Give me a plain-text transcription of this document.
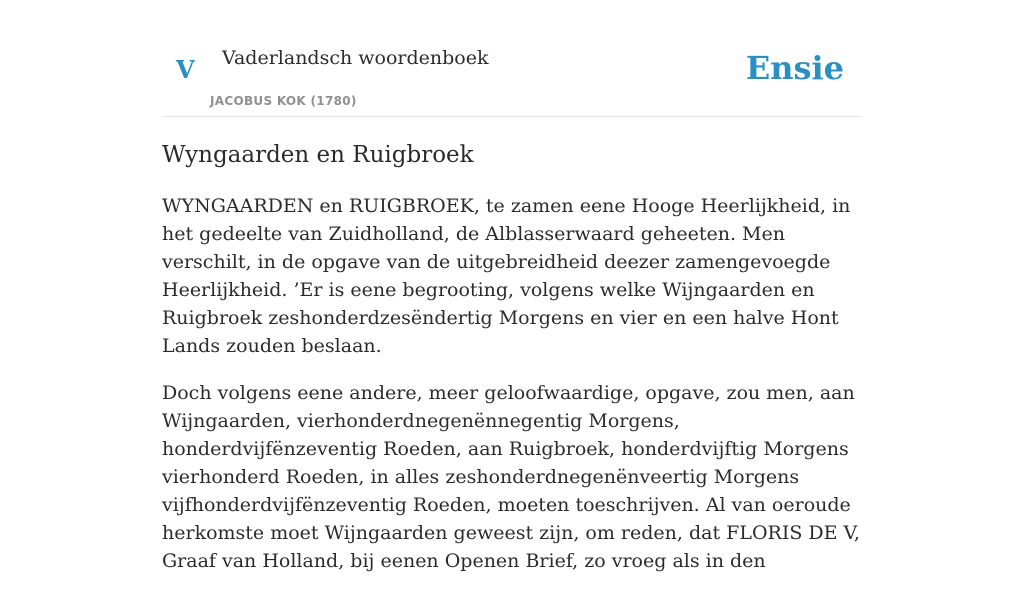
V Vaderlandsch woordenboek
JACOBUS KOK (1780)
Ensie
Wyngaarden en Ruigbroek

WYNGAARDEN en RUIGBROEK, te zamen eene Hooge Heerlijkheid, in het gedeelte van Zuidholland, de Alblasserwaard geheeten. Men verschilt, in de opgave van de uitgebreidheid deezer zamengevoegde Heerlijkheid. ’Er is eene begrooting, volgens welke Wijngaarden en Ruigbroek zeshonderdzesëndertig Morgens en vier en een halve Hont Lands zouden beslaan.

Doch volgens eene andere, meer geloofwaardige, opgave, zou men, aan Wijngaarden, vierhonderdnegenënnegentig Morgens, honderdvijfënzeventig Roeden, aan Ruigbroek, honderdvijftig Morgens vierhonderd Roeden, in alles zeshonderdnegenënveertig Morgens vijfhonderdvijfënzeventig Roeden, moeten toeschrijven. Al van oeroude herkomste moet Wijngaarden geweest zijn, om reden, dat FLORIS DE V, Graaf van Holland, bij eenen Openen Brief, zo vroeg als in den
